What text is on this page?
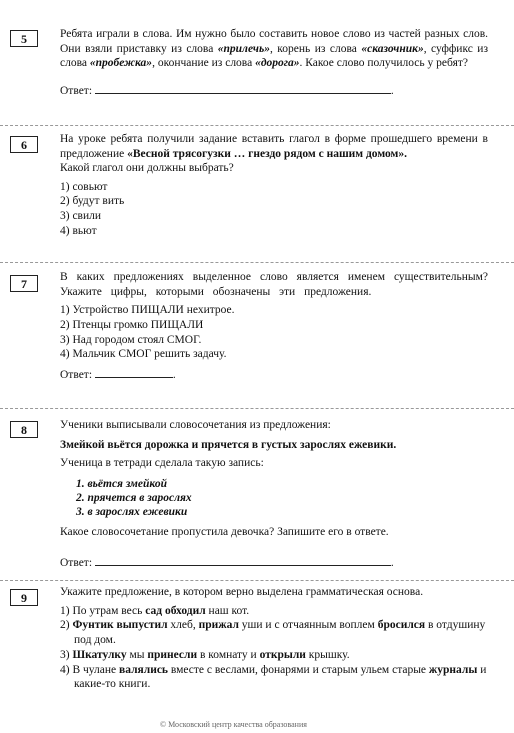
5	Ребята играли в слова. Им нужно было составить новое слово из частей разных слов. Они взяли приставку из слова «прилечь», корень из слова «сказочник», суффикс из слова «пробежка», окончание из слова «дорога». Какое слово получилось у ребят?

Ответ:	.
6	На уроке ребята получили задание вставить глагол в форме прошедшего времени в предложение «Весной трясогузки … гнездо рядом с нашим домом».

Какой глагол они должны выбрать?

1) совьют
2) будут вить
3) свили
4) вьют
7	В каких предложениях выделенное слово является именем существительным? Укажите цифры, которыми обозначены эти предложения.

1) Устройство ПИЩАЛИ нехитрое.
2) Птенцы громко ПИЩАЛИ
3) Над городом стоял СМОГ.
4) Мальчик СМОГ решить задачу.
Ответ:	.
8	Ученики выписывали словосочетания из предложения:

Змейкой вьётся дорожка и прячется в густых зарослях ежевики.

Ученица в тетради сделала такую запись:

1. вьётся змейкой
2. прячется в зарослях
3. в зарослях ежевики

Какое словосочетание пропустила девочка? Запишите его в ответе.

Ответ:	.
9	Укажите предложение, в котором верно выделена грамматическая основа.

1) По утрам весь сад обходил наш кот.
2) Фунтик выпустил хлеб, прижал уши и с отчаянным воплем бросился в отдушину под дом.
3) Шкатулку мы принесли в комнату и открыли крышку.
4) В чулане валялись вместе с веслами, фонарями и старым ульем старые журналы и какие-то книги.
© Московский центр качества образования
